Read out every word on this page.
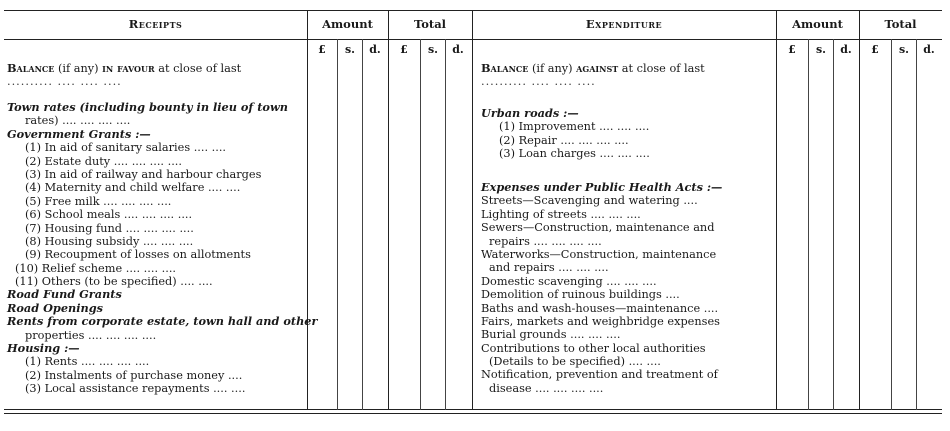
Receipts	Amount	Total	Expenditure	Amount	Total
£	s.	d.	£	s.	d.	£	s.	d.	£	s.	d.
Balance (if any) in favour at close of last
.......... .... .... ....
Town rates (including bounty in lieu of town
rates) .... .... .... ....
Government Grants :—
(1) In aid of sanitary salaries .... ....
(2) Estate duty .... .... .... ....
(3) In aid of railway and harbour charges
(4) Maternity and child welfare .... ....
(5) Free milk .... .... .... ....
(6) School meals .... .... .... ....
(7) Housing fund .... .... .... ....
(8) Housing subsidy .... .... ....
(9) Recoupment of losses on allotments
(10) Relief scheme .... .... ....
(11) Others (to be specified) .... ....
Road Fund Grants
Road Openings
Rents from corporate estate, town hall and other
properties .... .... .... ....
Housing :—
(1) Rents .... .... .... ....
(2) Instalments of purchase money ....
(3) Local assistance repayments .... ....
Balance (if any) against at close of last
.......... .... .... ....
Urban roads :—
(1) Improvement .... .... ....
(2) Repair .... .... .... ....
(3) Loan charges .... .... ....
Expenses under Public Health Acts :—
Streets—Scavenging and watering ....
Lighting of streets .... .... ....
Sewers—Construction, maintenance and
repairs .... .... .... ....
Waterworks—Construction, maintenance
and repairs .... .... ....
Domestic scavenging .... .... ....
Demolition of ruinous buildings ....
Baths and wash-houses—maintenance ....
Fairs, markets and weighbridge expenses
Burial grounds .... .... ....
Contributions to other local authorities
(Details to be specified) .... ....
Notification, prevention and treatment of
disease .... .... .... ....
